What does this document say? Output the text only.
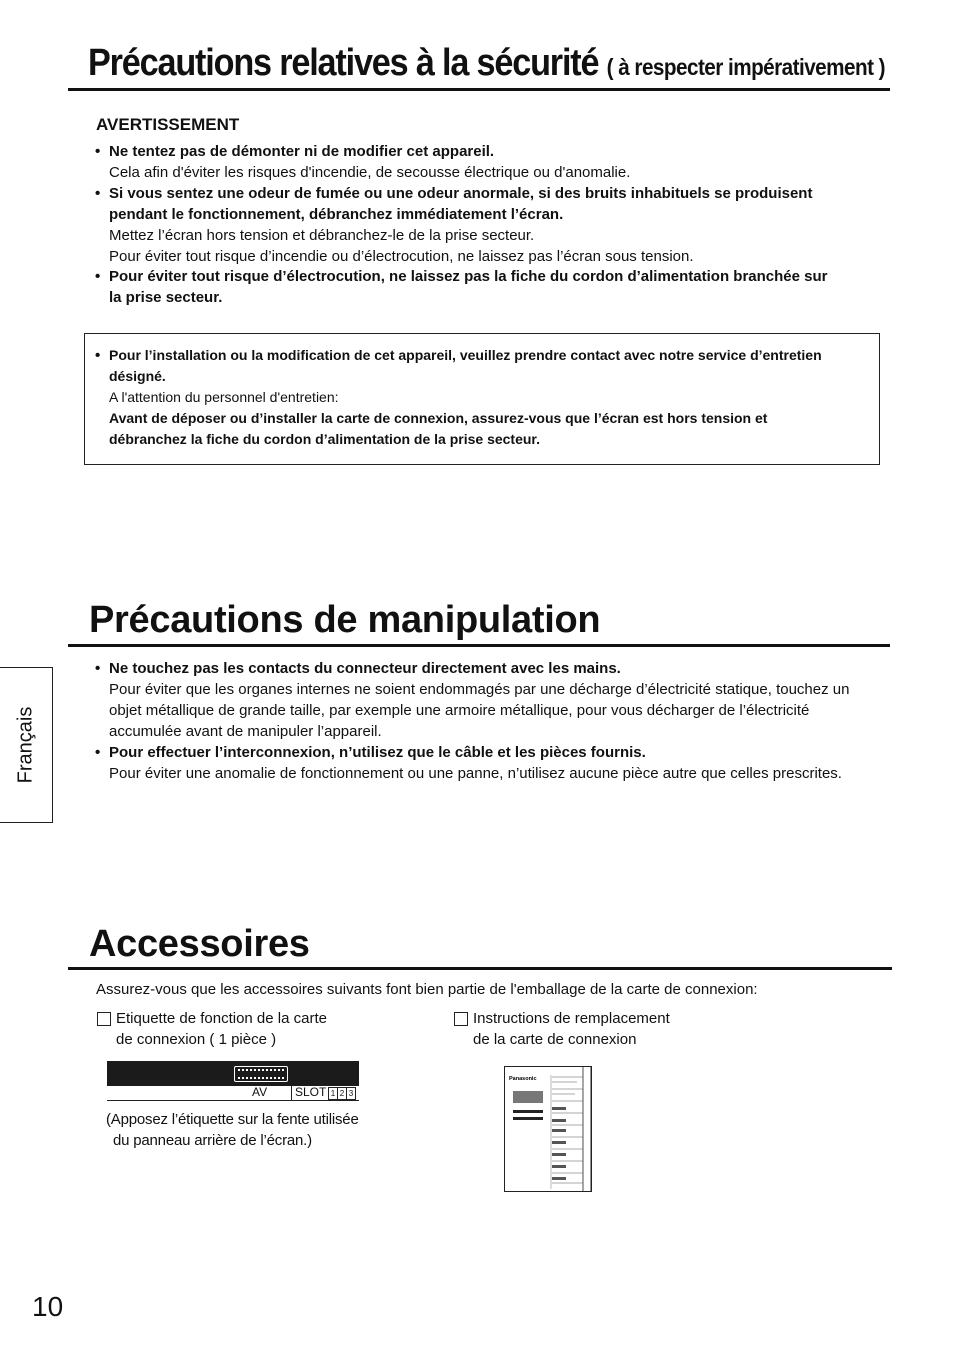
Précautions relatives à la sécurité ( à respecter impérativement )
AVERTISSEMENT
• Ne tentez pas de démonter ni de modifier cet appareil.
Cela afin d'éviter les risques d'incendie, de secousse électrique ou d'anomalie.
• Si vous sentez une odeur de fumée ou une odeur anormale, si des bruits inhabituels se produisent
pendant le fonctionnement, débranchez immédiatement l’écran.
Mettez l’écran hors tension et débranchez-le de la prise secteur.
Pour éviter tout risque d’incendie ou d’électrocution, ne laissez pas l’écran sous tension.
• Pour éviter tout risque d’électrocution, ne laissez pas la fiche du cordon d’alimentation branchée sur
la prise secteur.
• Pour l’installation ou la modification de cet appareil, veuillez prendre contact avec notre service d’entretien
désigné.
A l'attention du personnel d'entretien:
Avant de déposer ou d’installer la carte de connexion, assurez-vous que l’écran est hors tension et
débranchez la fiche du cordon d’alimentation de la prise secteur.
Précautions de manipulation
• Ne touchez pas les contacts du connecteur directement avec les mains.
Pour éviter que les organes internes ne soient endommagés par une décharge d’électricité statique, touchez un
objet métallique de grande taille, par exemple une armoire métallique, pour vous décharger de l’électricité
accumulée avant de manipuler l’appareil.
• Pour effectuer l’interconnexion, n’utilisez que le câble et les pièces fournis.
Pour éviter une anomalie de fonctionnement ou une panne, n’utilisez aucune pièce autre que celles prescrites.
Français
Accessoires
Assurez-vous que les accessoires suivants font bien partie de l'emballage de la carte de connexion:
Etiquette de fonction de la carte
de connexion ( 1 pièce )
Instructions de remplacement
de la carte de connexion
AV SLOT 1 2 3
(Apposez l’étiquette sur la fente utilisée
du panneau arrière de l’écran.)
Panasonic
10
